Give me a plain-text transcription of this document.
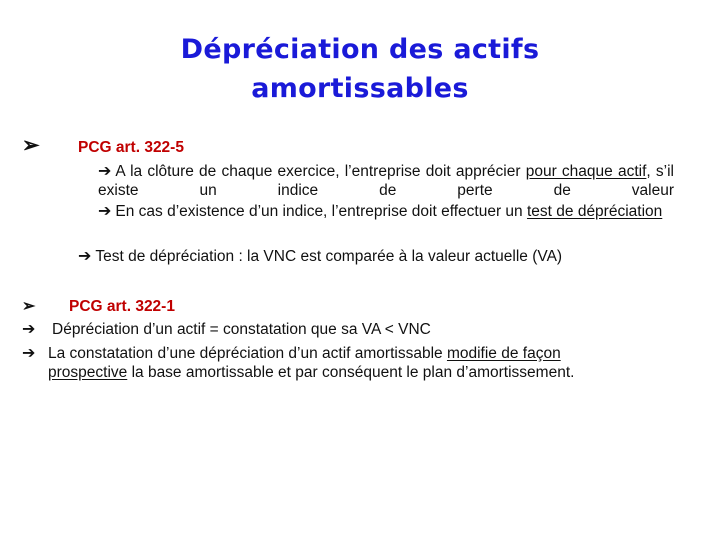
Dépréciation des actifs
amortissables
➢ PCG art. 322-5
➔ A la clôture de chaque exercice, l’entreprise doit apprécier pour chaque actif, s’il existe un indice de perte de valeur
➔ En cas d’existence d’un indice, l’entreprise doit effectuer un test de dépréciation
➔ Test de dépréciation : la VNC est comparée à la valeur actuelle (VA)
➢ PCG art. 322-1
➔ Dépréciation d’un actif = constatation que sa VA < VNC
➔ La constatation d’une dépréciation d’un actif amortissable modifie de façon prospective la base amortissable et par conséquent le plan d’amortissement.
